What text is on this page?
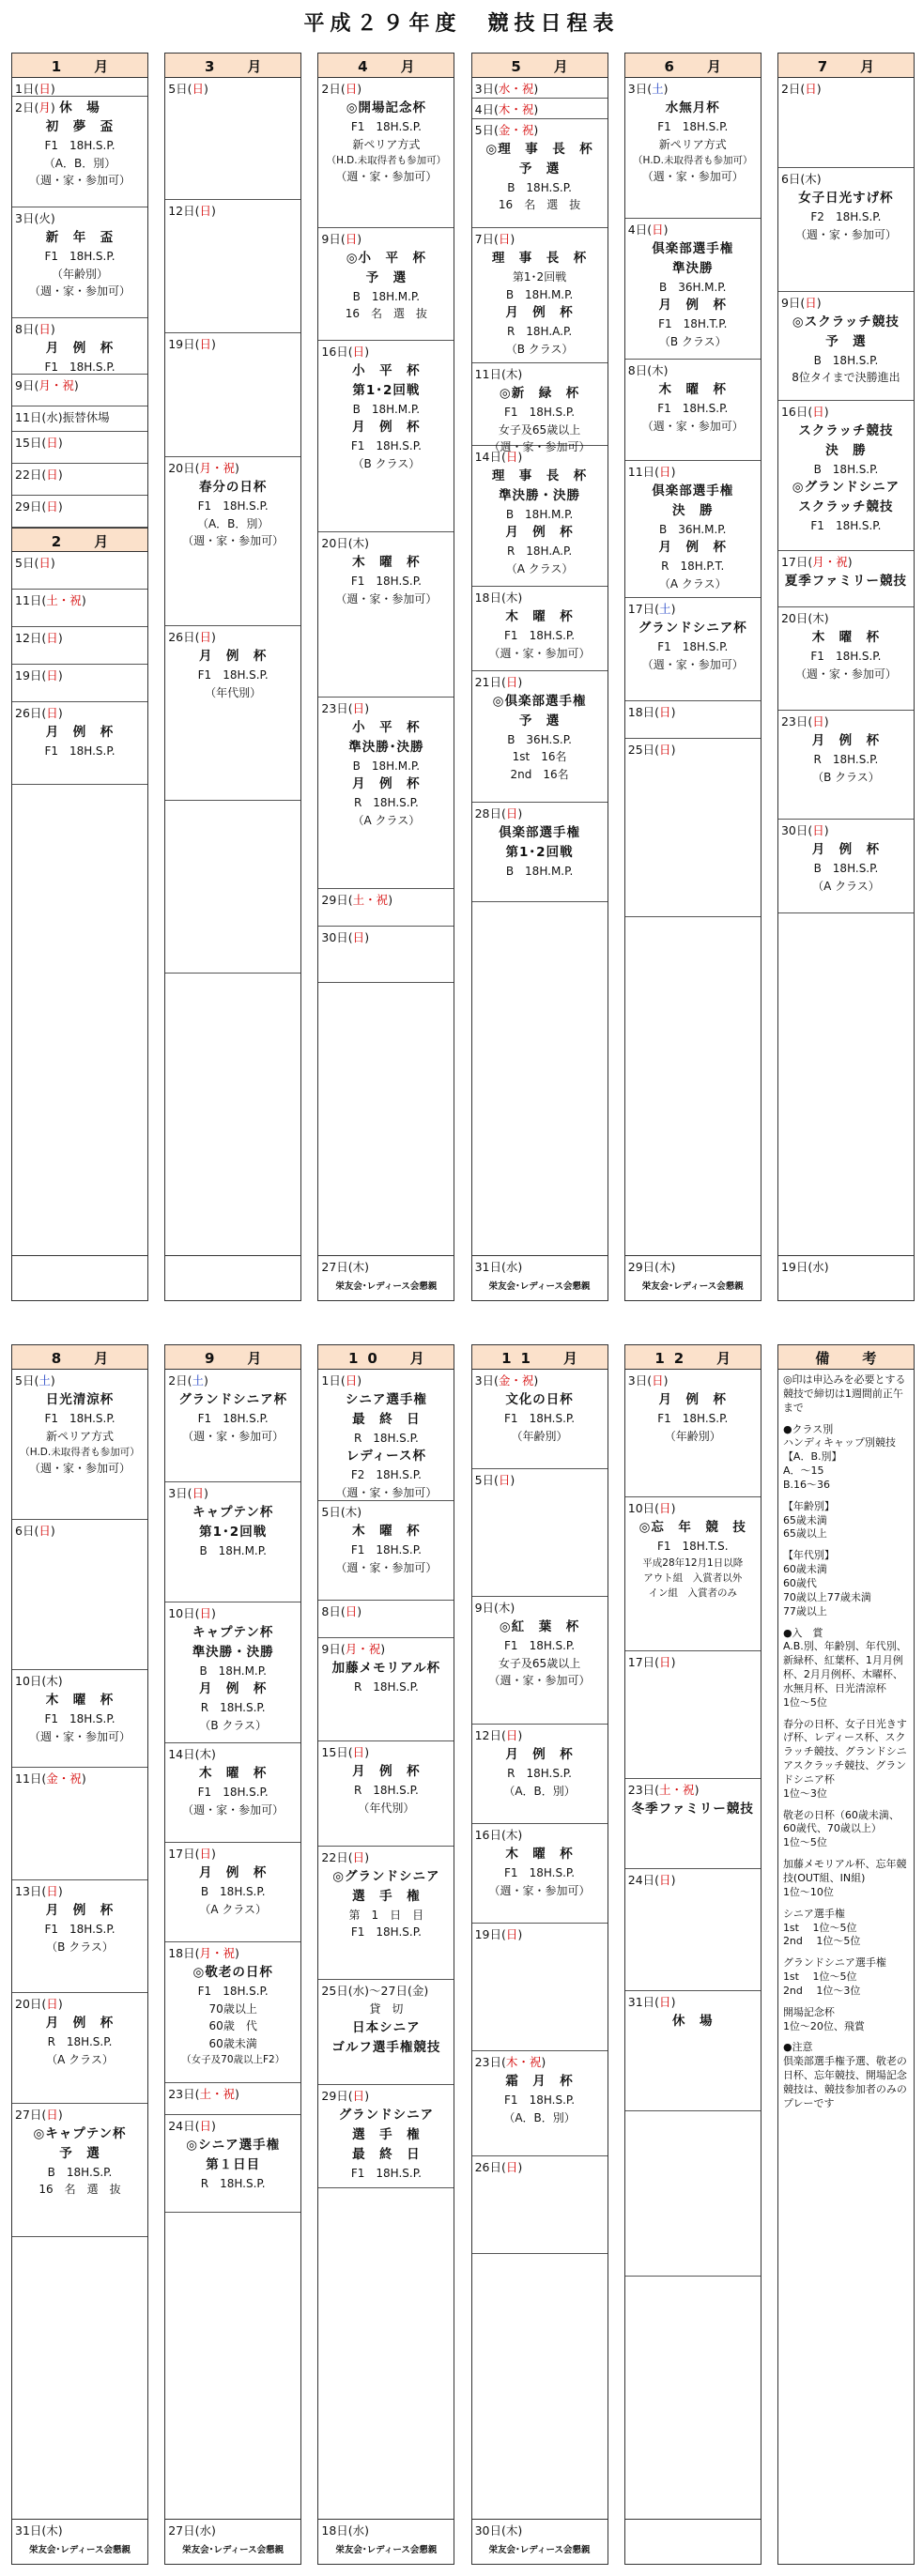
平成２９年度　競技日程表
1　月
1日(日)
休　場
2日(月)
初　夢　盃
F1　18H.S.P.
（A．B．別）
（週・家・参加可）
3日(火)
新　年　盃
F1　18H.S.P.
（年齢別）
（週・家・参加可）
8日(日)
月　例　杯
F1　18H.S.P.
9日(月・祝)
11日(水)振替休場
15日(日)
22日(日)
29日(日)
2　月
5日(日)
11日(土・祝)
12日(日)
19日(日)
26日(日)
月　例　杯
F1　18H.S.P.
3　月
5日(日)
12日(日)
19日(日)
20日(月・祝)
春分の日杯
F1　18H.S.P.
（A．B．別）
（週・家・参加可）
26日(日)
月　例　杯
F1　18H.S.P.
（年代別）
4　月
2日(日)
◎開場記念杯
F1　18H.S.P.
新ペリア方式
（H.D.未取得者も参加可）
（週・家・参加可）
9日(日)
◎小　平　杯
予　選
B　18H.M.P.
16　名　選　抜
16日(日)
小　平　杯
第1･2回戦
B　18H.M.P.
月　例　杯
F1　18H.S.P.
（B クラス）
20日(木)
木　曜　杯
F1　18H.S.P.
（週・家・参加可）
23日(日)
小　平　杯
準決勝･決勝
B　18H.M.P.
月　例　杯
R　18H.S.P.
（A クラス）
29日(土・祝)
30日(日)
27日(木)
栄友会･レディース会懇親
5　月
3日(水・祝)
4日(木・祝)
5日(金・祝)
◎理　事　長　杯
予　選
B　18H.S.P.
16　名　選　抜
7日(日)
理　事　長　杯
第1･2回戦
B　18H.M.P.
月　例　杯
R　18H.A.P.
（B クラス）
11日(木)
◎新　緑　杯
F1　18H.S.P.
女子及65歳以上
（週・家・参加可）
14日(日)
理　事　長　杯
準決勝・決勝
B　18H.M.P.
月　例　杯
R　18H.A.P.
（A クラス）
18日(木)
木　曜　杯
F1　18H.S.P.
（週・家・参加可）
21日(日)
◎倶楽部選手権
予　選
B　36H.S.P.
1st　16名
2nd　16名
28日(日)
倶楽部選手権
第1･2回戦
B　18H.M.P.
31日(水)
栄友会･レディース会懇親
6　月
3日(土)
水無月杯
F1　18H.S.P.
新ペリア方式
（H.D.未取得者も参加可）
（週・家・参加可）
4日(日)
倶楽部選手権
準決勝
B　36H.M.P.
月　例　杯
F1　18H.T.P.
（B クラス）
8日(木)
木　曜　杯
F1　18H.S.P.
（週・家・参加可）
11日(日)
倶楽部選手権
決　勝
B　36H.M.P.
月　例　杯
R　18H.P.T.
（A クラス）
17日(土)
グランドシニア杯
F1　18H.S.P.
（週・家・参加可）
18日(日)
25日(日)
29日(木)
栄友会･レディース会懇親
7　月
2日(日)
6日(木)
女子日光すげ杯
F2　18H.S.P.
（週・家・参加可）
9日(日)
◎スクラッチ競技
予　選
B　18H.S.P.
8位タイまで決勝進出
16日(日)
スクラッチ競技
決　勝
B　18H.S.P.
◎グランドシニア
スクラッチ競技
F1　18H.S.P.
17日(月・祝)
夏季ファミリー競技
20日(木)
木　曜　杯
F1　18H.S.P.
（週・家・参加可）
23日(日)
月　例　杯
R　18H.S.P.
（B クラス）
30日(日)
月　例　杯
B　18H.S.P.
（A クラス）
19日(水)
8　月
5日(土)
日光清涼杯
F1　18H.S.P.
新ペリア方式
（H.D.未取得者も参加可）
（週・家・参加可）
6日(日)
10日(木)
木　曜　杯
F1　18H.S.P.
（週・家・参加可）
11日(金・祝)
13日(日)
月　例　杯
F1　18H.S.P.
（B クラス）
20日(日)
月　例　杯
R　18H.S.P.
（A クラス）
27日(日)
◎キャプテン杯
予　選
B　18H.S.P.
16　名　選　抜
31日(木)
栄友会･レディース会懇親
9　月
2日(土)
グランドシニア杯
F1　18H.S.P.
（週・家・参加可）
3日(日)
キャプテン杯
第1･2回戦
B　18H.M.P.
10日(日)
キャプテン杯
準決勝・決勝
B　18H.M.P.
月　例　杯
R　18H.S.P.
（B クラス）
14日(木)
木　曜　杯
F1　18H.S.P.
（週・家・参加可）
17日(日)
月　例　杯
B　18H.S.P.
（A クラス）
18日(月・祝)
◎敬老の日杯
F1　18H.S.P.
70歳以上
60歳　代
60歳未満
（女子及70歳以上F2）
23日(土・祝)
24日(日)
◎シニア選手権
第１日目
R　18H.S.P.
27日(水)
栄友会･レディース会懇親
10　月
1日(日)
シニア選手権
最　終　日
R　18H.S.P.
レディース杯
F2　18H.S.P.
（週・家・参加可）
5日(木)
木　曜　杯
F1　18H.S.P.
（週・家・参加可）
8日(日)
9日(月・祝)
加藤メモリアル杯
R　18H.S.P.
15日(日)
月　例　杯
R　18H.S.P.
（年代別）
22日(日)
◎グランドシニア
選　手　権
第　1　日　目
F1　18H.S.P.
25日(水)～27日(金)
貸　切
日本シニア
ゴルフ選手権競技
29日(日)
グランドシニア
選　手　権
最　終　日
F1　18H.S.P.
18日(水)
栄友会･レディース会懇親
11　月
3日(金・祝)
文化の日杯
F1　18H.S.P.
（年齢別）
5日(日)
9日(木)
◎紅　葉　杯
F1　18H.S.P.
女子及65歳以上
（週・家・参加可）
12日(日)
月　例　杯
R　18H.S.P.
（A．B．別）
16日(木)
木　曜　杯
F1　18H.S.P.
（週・家・参加可）
19日(日)
23日(木・祝)
霜　月　杯
F1　18H.S.P.
（A．B．別）
26日(日)
30日(木)
栄友会･レディース会懇親
12　月
3日(日)
月　例　杯
F1　18H.S.P.
（年齢別）
10日(日)
◎忘　年　競　技
F1　18H.T.S.
平成28年12月1日以降
アウト組　入賞者以外
イン組　入賞者のみ
17日(日)
23日(土・祝)
冬季ファミリー競技
24日(日)
31日(日)
休　場
備　考
◎印は申込みを必要とする競技で締切は1週間前正午まで
●クラス別
ハンディキャップ別競技
【A．B.別】
A．～15
B.16～36
【年齢別】
65歳未満
65歳以上
【年代別】
60歳未満
60歳代
70歳以上77歳未満
77歳以上
●入　賞
A.B.別、年齢別、年代別、新緑杯、紅葉杯、1月月例杯、2月月例杯、木曜杯、水無月杯、日光清涼杯
1位～5位
春分の日杯、女子日光きすげ杯、レディース杯、スクラッチ競技、グランドシニアスクラッチ競技、グランドシニア杯
1位～3位
敬老の日杯（60歳未満、60歳代、70歳以上）
1位～5位
加藤メモリアル杯、忘年競技(OUT組、IN組)
1位～10位
シニア選手権
1st　 1位～5位
2nd　 1位～5位
グランドシニア選手権
1st　 1位～5位
2nd　 1位～3位
開場記念杯
1位～20位、飛賞
●注意
倶楽部選手権予選、敬老の日杯、忘年競技、開場記念競技は、競技参加者のみのプレーです
